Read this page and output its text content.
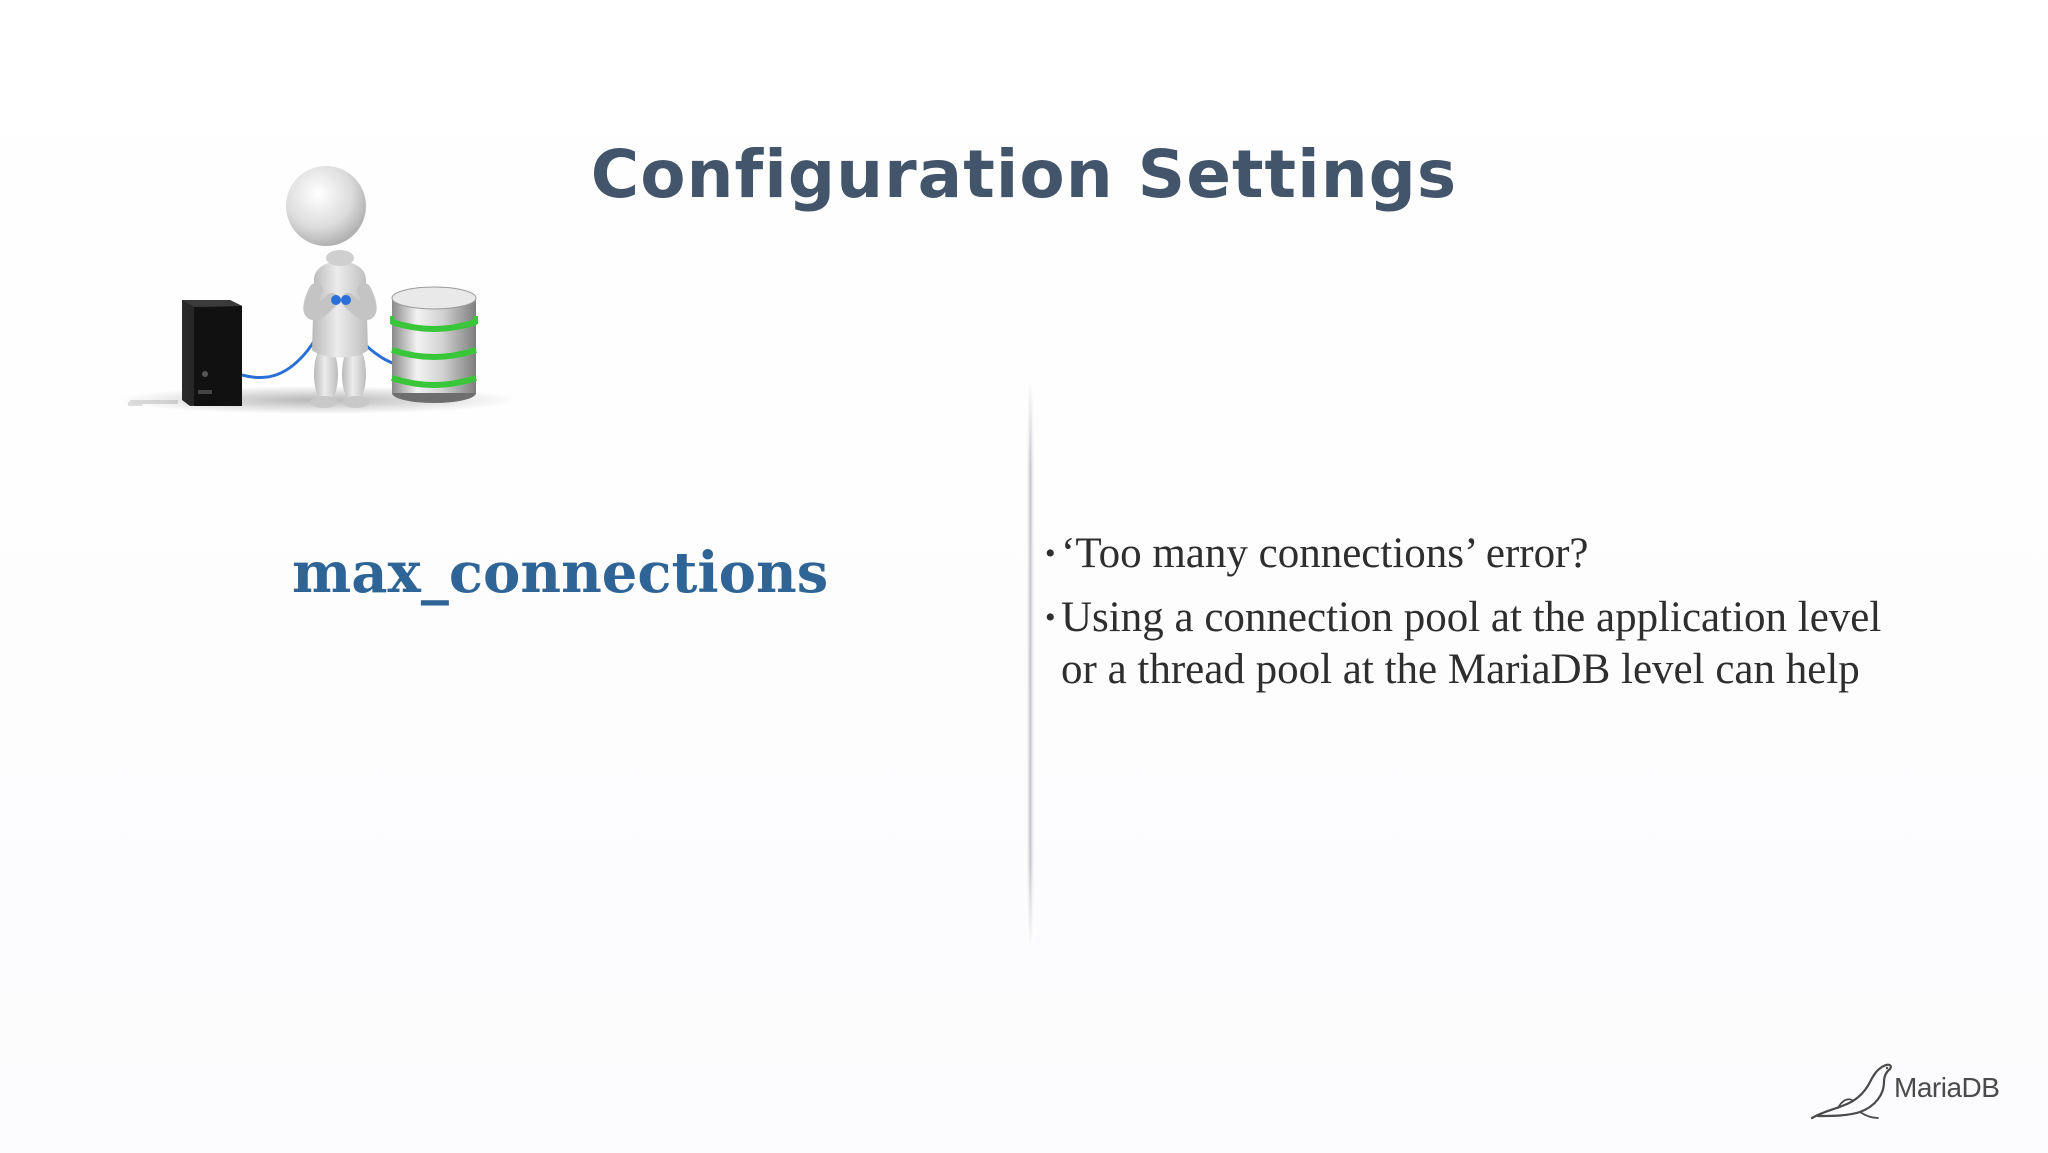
Configuration Settings
max_connections	• ‘Too many connections’ error?
• Using a connection pool at the application level or a thread pool at the MariaDB level can help
MariaDB
